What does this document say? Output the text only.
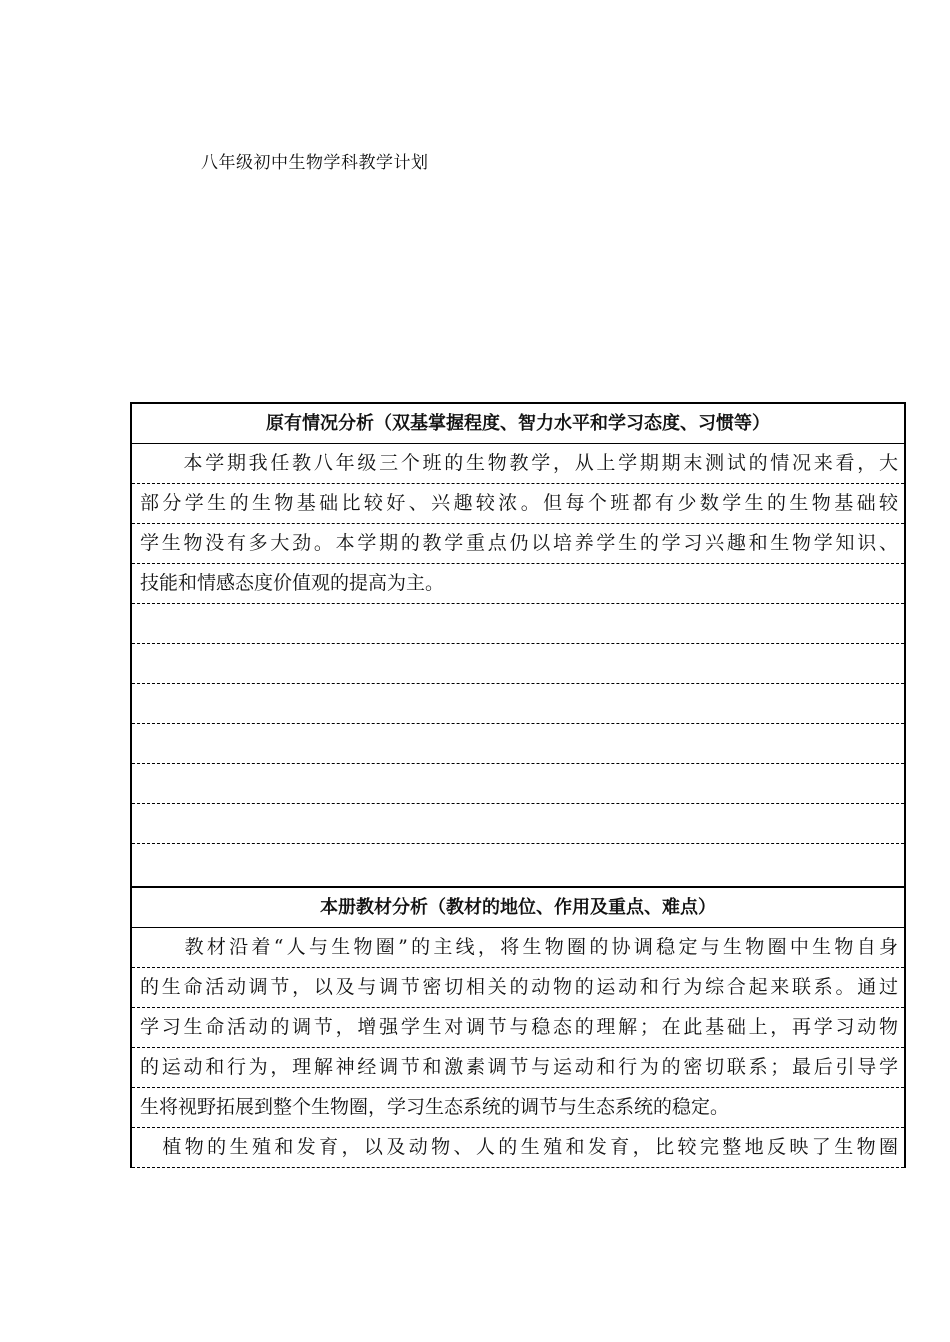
八年级初中生物学科教学计划
原有情况分析（双基掌握程度、智力水平和学习态度、习惯等）
　　本学期我任教八年级三个班的生物教学，从上学期期末测试的情况来看，大
部分学生的生物基础比较好、兴趣较浓。但每个班都有少数学生的生物基础较
学生物没有多大劲。本学期的教学重点仍以培养学生的学习兴趣和生物学知识、
技能和情感态度价值观的提高为主。
本册教材分析（教材的地位、作用及重点、难点）
　　教材沿着“人与生物圈”的主线，将生物圈的协调稳定与生物圈中生物自身
的生命活动调节，以及与调节密切相关的动物的运动和行为综合起来联系。通过
学习生命活动的调节，增强学生对调节与稳态的理解；在此基础上，再学习动物
的运动和行为，理解神经调节和激素调节与运动和行为的密切联系；最后引导学
生将视野拓展到整个生物圈，学习生态系统的调节与生态系统的稳定。
　植物的生殖和发育，以及动物、人的生殖和发育，比较完整地反映了生物圈
